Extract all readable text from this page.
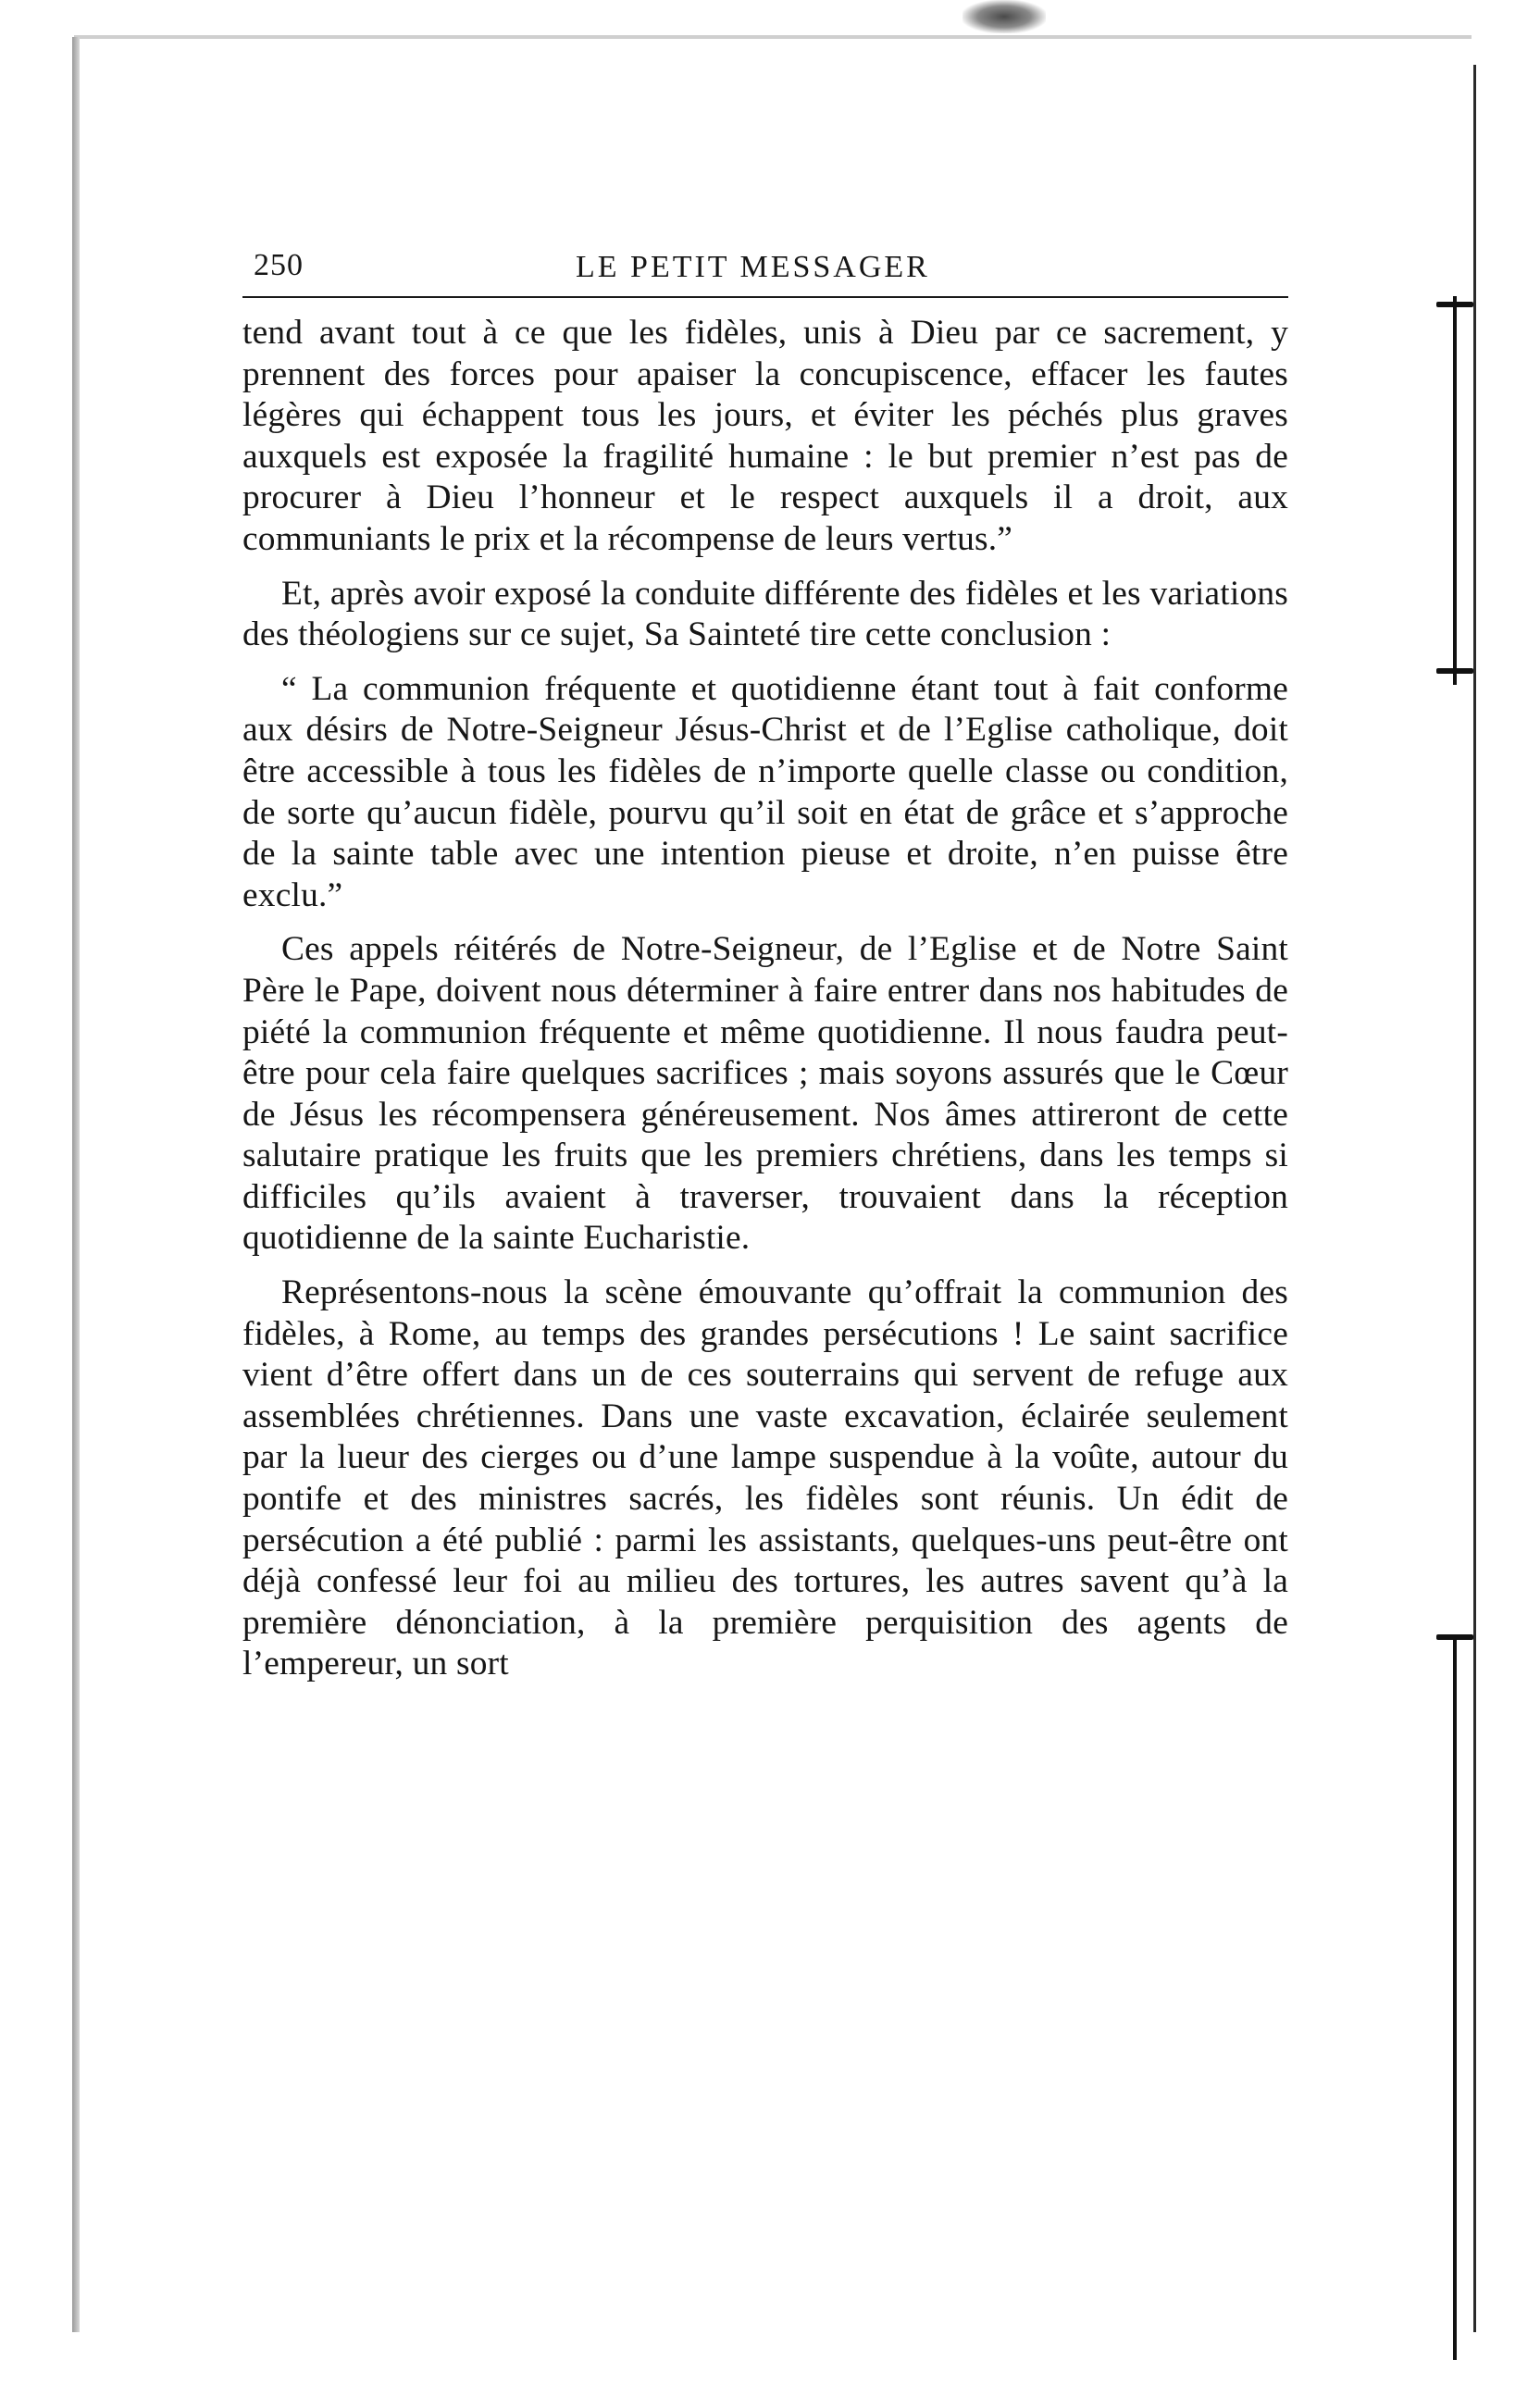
250	LE PETIT MESSAGER

tend avant tout à ce que les fidèles, unis à Dieu par ce sacrement, y prennent des forces pour apaiser la concupiscence, effacer les fautes légères qui échappent tous les jours, et éviter les péchés plus graves auxquels est exposée la fragilité humaine : le but premier n’est pas de procurer à Dieu l’honneur et le respect auxquels il a droit, aux communiants le prix et la récompense de leurs vertus.”

Et, après avoir exposé la conduite différente des fidèles et les variations des théologiens sur ce sujet, Sa Sainteté tire cette conclusion :

“ La communion fréquente et quotidienne étant tout à fait conforme aux désirs de Notre-Seigneur Jésus-Christ et de l’Eglise catholique, doit être accessible à tous les fidèles de n’importe quelle classe ou condition, de sorte qu’aucun fidèle, pourvu qu’il soit en état de grâce et s’approche de la sainte table avec une intention pieuse et droite, n’en puisse être exclu.”

Ces appels réitérés de Notre-Seigneur, de l’Eglise et de Notre Saint Père le Pape, doivent nous déterminer à faire entrer dans nos habitudes de piété la communion fréquente et même quotidienne. Il nous faudra peut-être pour cela faire quelques sacrifices ; mais soyons assurés que le Cœur de Jésus les récompensera généreusement. Nos âmes attireront de cette salutaire pratique les fruits que les premiers chrétiens, dans les temps si difficiles qu’ils avaient à traverser, trouvaient dans la réception quotidienne de la sainte Eucharistie.

Représentons-nous la scène émouvante qu’offrait la communion des fidèles, à Rome, au temps des grandes persécutions ! Le saint sacrifice vient d’être offert dans un de ces souterrains qui servent de refuge aux assemblées chrétiennes. Dans une vaste excavation, éclairée seulement par la lueur des cierges ou d’une lampe suspendue à la voûte, autour du pontife et des ministres sacrés, les fidèles sont réunis. Un édit de persécution a été publié : parmi les assistants, quelques-uns peut-être ont déjà confessé leur foi au milieu des tortures, les autres savent qu’à la première dénonciation, à la première perquisition des agents de l’empereur, un sort
